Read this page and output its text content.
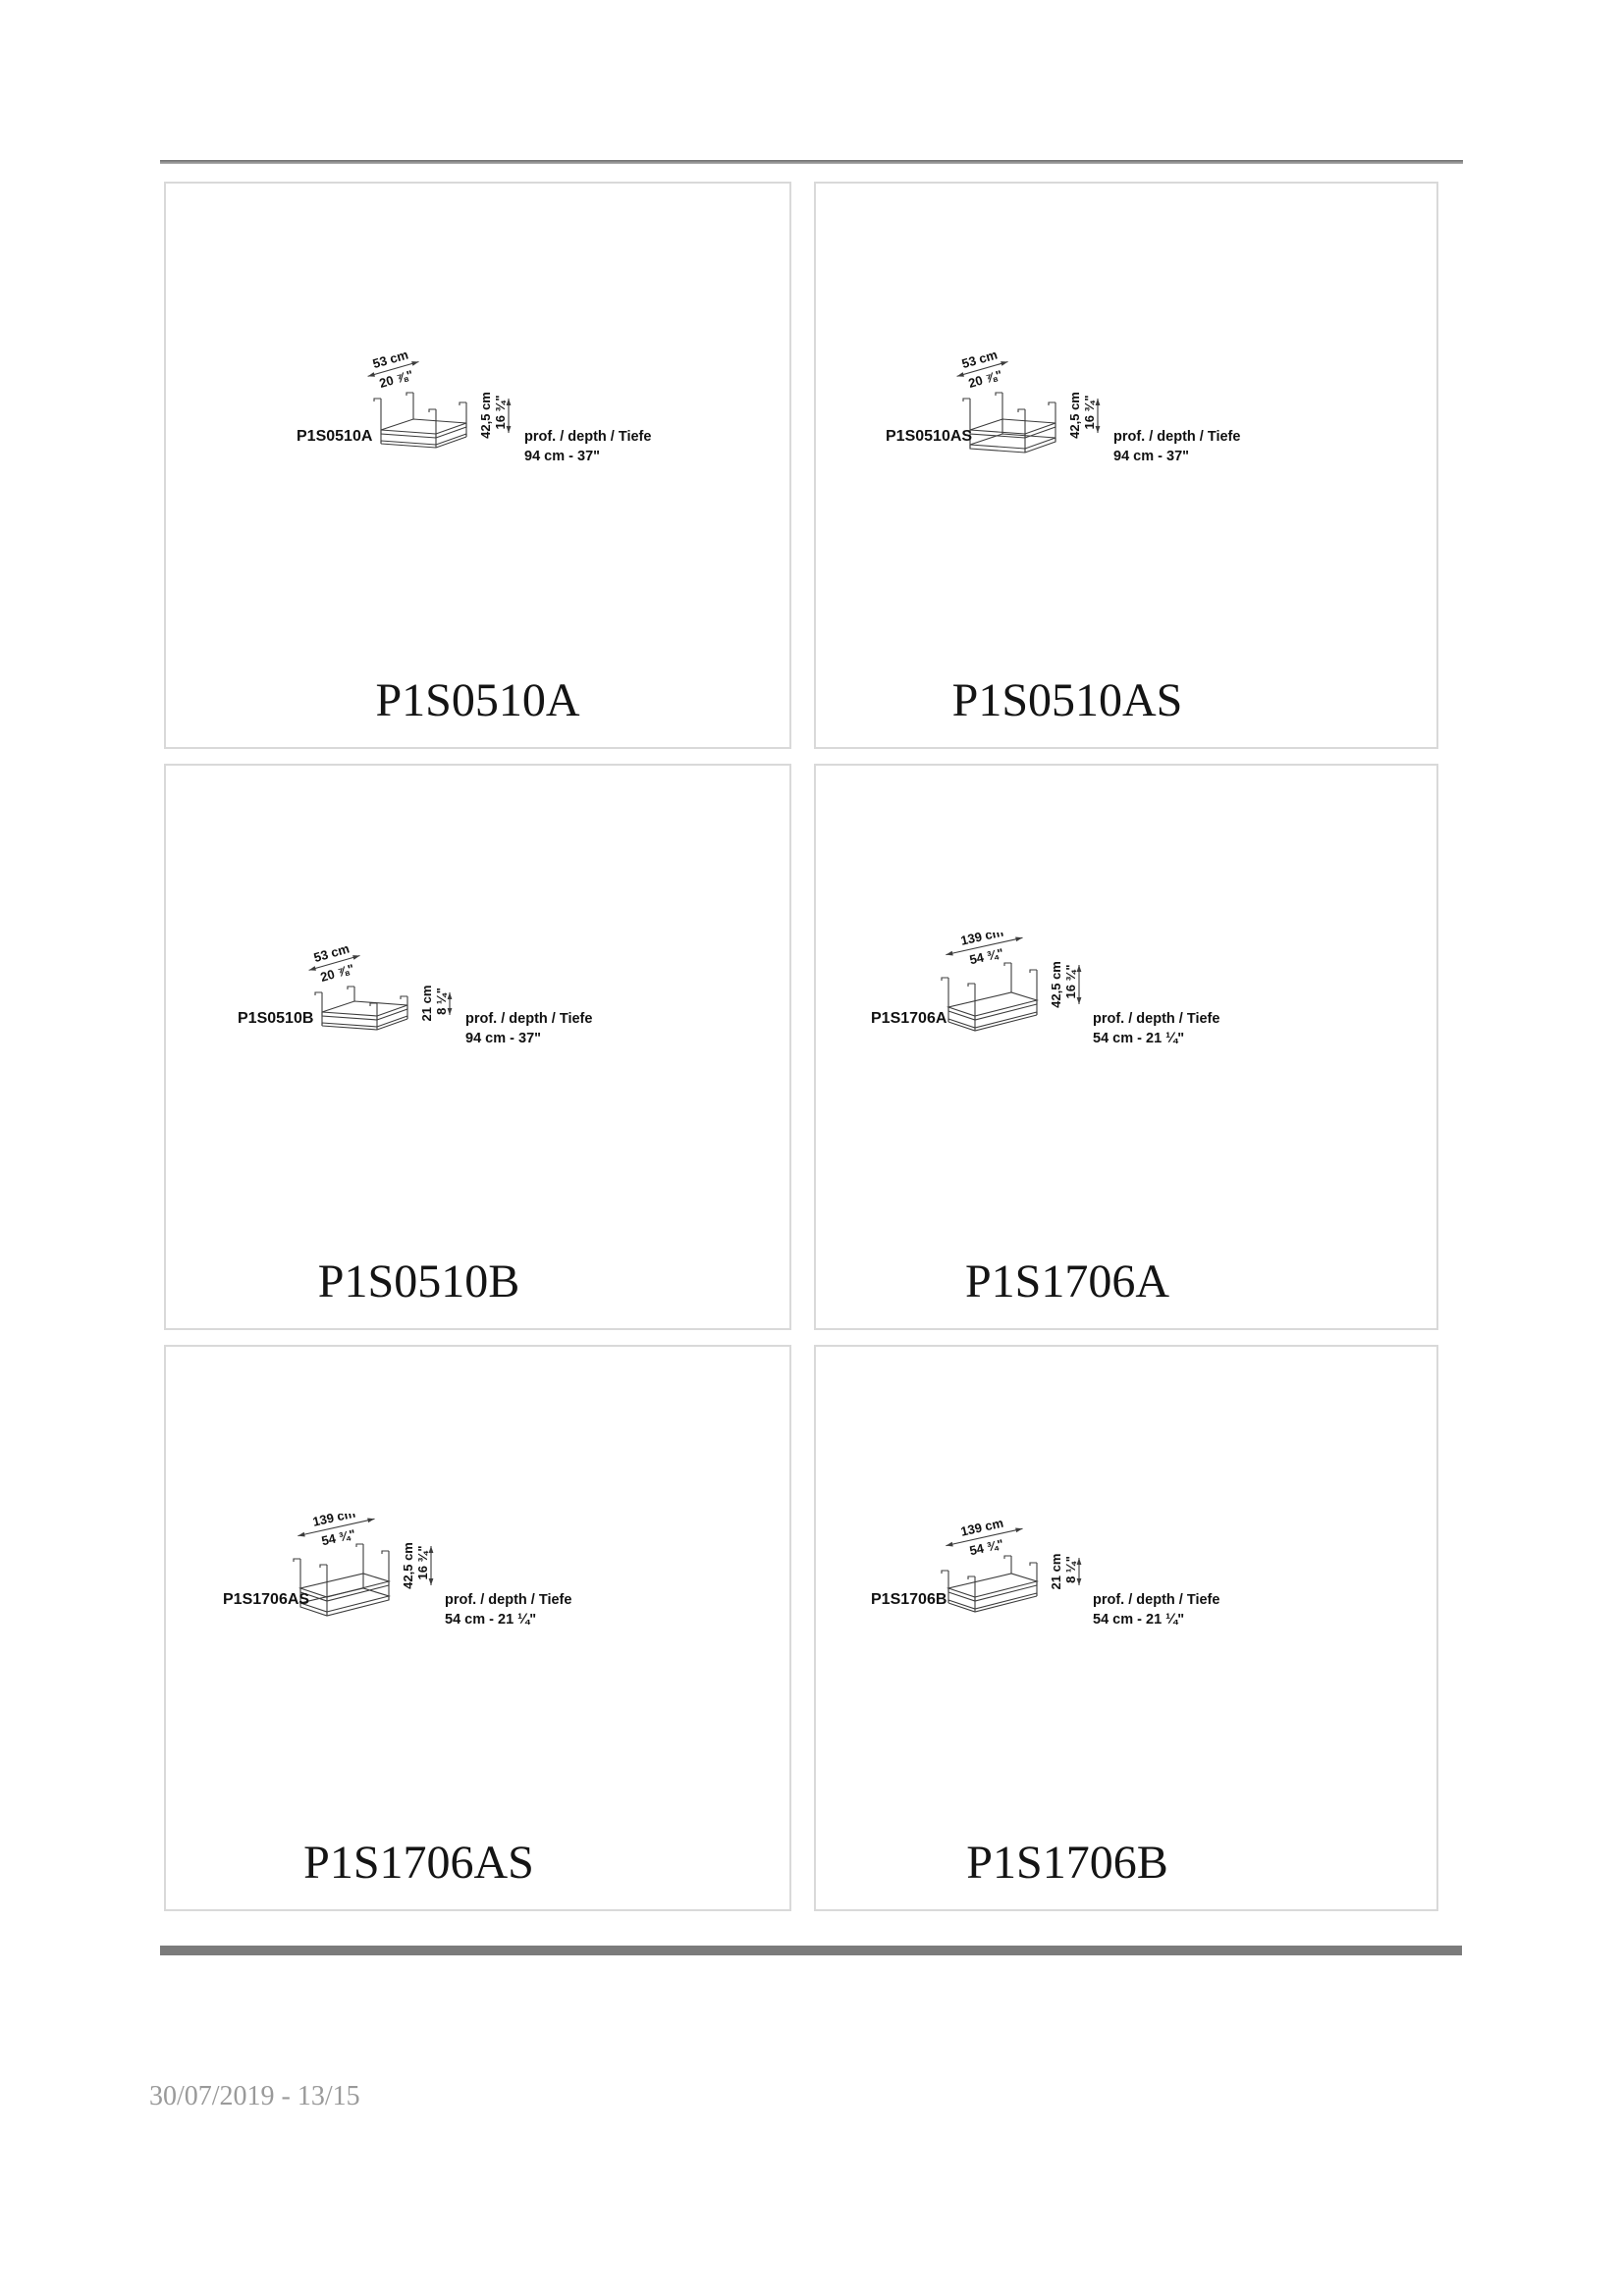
53 cm
20 ⅞"
42,5 cm 16 ¾"
P1S0510A	prof. / depth / Tiefe
94 cm - 37"
P1S0510A
53 cm
20 ⅞"
42,5 cm 16 ¾"
P1S0510AS	prof. / depth / Tiefe
94 cm - 37"
P1S0510AS
53 cm
20 ⅞"
21 cm 8 ¼"
P1S0510B	prof. / depth / Tiefe
94 cm - 37"
P1S0510B
139 cm
54 ¾"
42,5 cm 16 ¾"
P1S1706A	prof. / depth / Tiefe
54 cm - 21 ¼"
P1S1706A
139 cm
54 ¾"
42,5 cm 16 ¾"
P1S1706AS	prof. / depth / Tiefe
54 cm - 21 ¼"
P1S1706AS
139 cm
54 ¾"
21 cm 8 ¼"
P1S1706B	prof. / depth / Tiefe
54 cm - 21 ¼"
P1S1706B
30/07/2019 - 13/15
